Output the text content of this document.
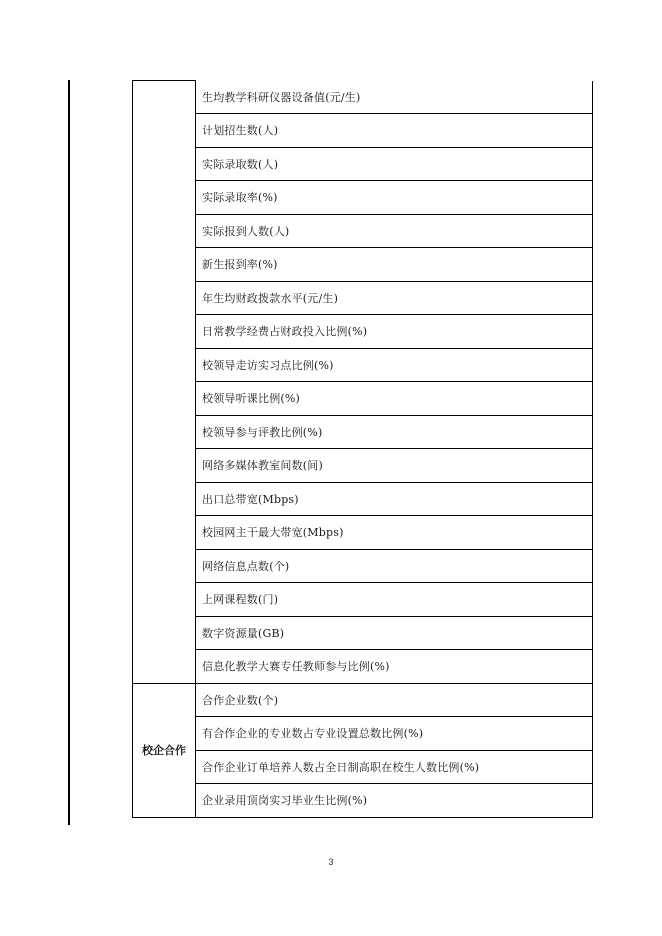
	生均教学科研仪器设备值(元/生)
	计划招生数(人)
	实际录取数(人)
	实际录取率(%)
	实际报到人数(人)
	新生报到率(%)
	年生均财政拨款水平(元/生)
	日常教学经费占财政投入比例(%)
	校领导走访实习点比例(%)
	校领导听课比例(%)
	校领导参与评教比例(%)
	网络多媒体教室间数(间)
	出口总带宽(Mbps)
	校园网主干最大带宽(Mbps)
	网络信息点数(个)
	上网课程数(门)
	数字资源量(GB)
	信息化教学大赛专任教师参与比例(%)
校企合作	合作企业数(个)
	有合作企业的专业数占专业设置总数比例(%)
	合作企业订单培养人数占全日制高职在校生人数比例(%)
	企业录用顶岗实习毕业生比例(%)
3
